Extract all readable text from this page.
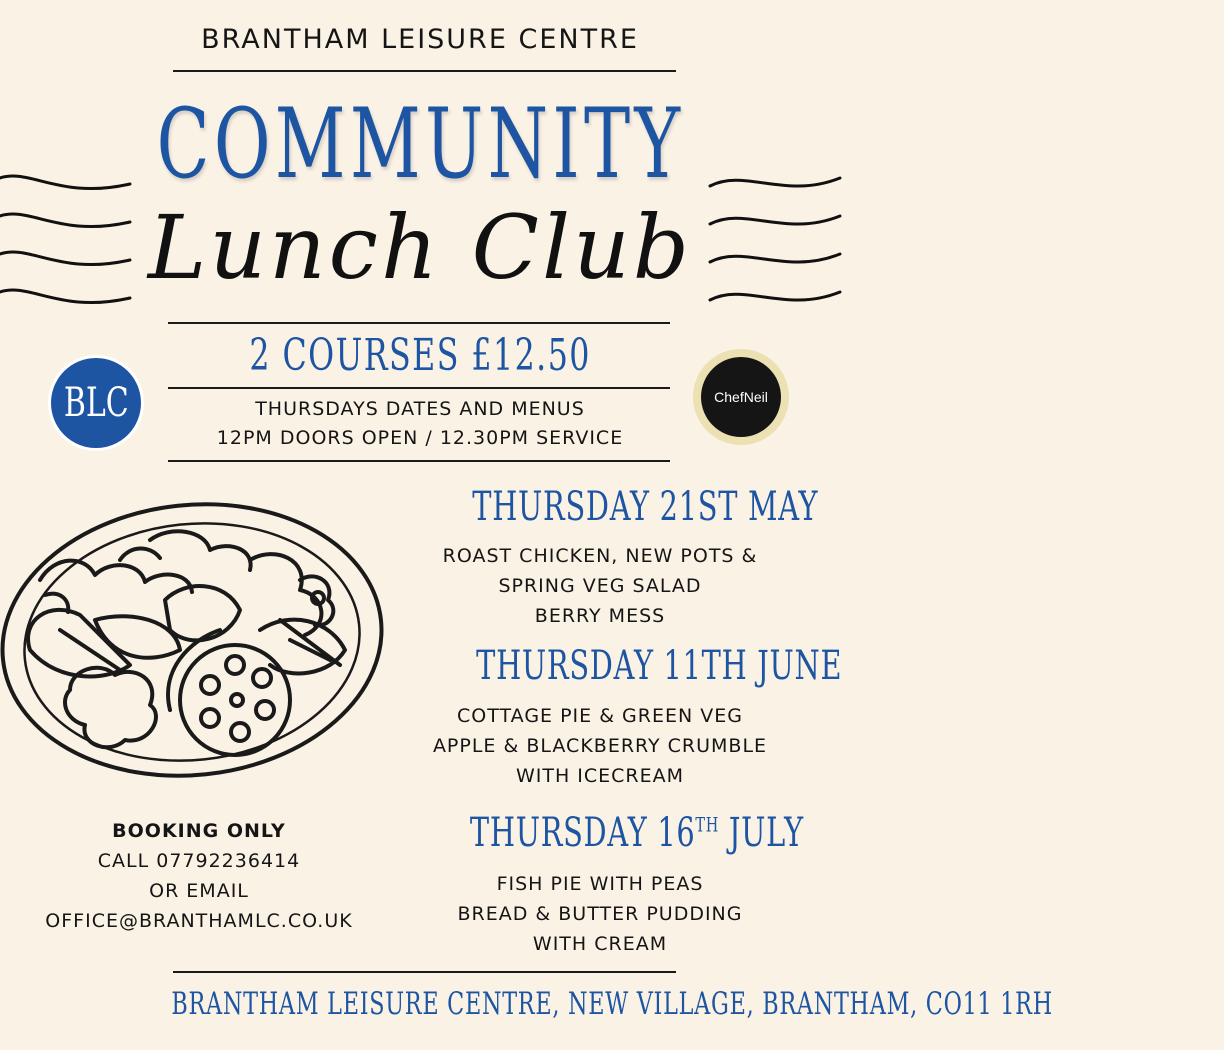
BRANTHAM LEISURE CENTRE
COMMUNITY
Lunch Club
2 COURSES £12.50
THURSDAYS DATES AND MENUS
12PM DOORS OPEN / 12.30PM SERVICE
BLC	ChefNeil
THURSDAY 21ST MAY
ROAST CHICKEN, NEW POTS &
SPRING VEG SALAD
BERRY MESS
THURSDAY 11TH JUNE
COTTAGE PIE & GREEN VEG
APPLE & BLACKBERRY CRUMBLE
WITH ICECREAM
THURSDAY 16TH JULY
FISH PIE WITH PEAS
BREAD & BUTTER PUDDING
WITH CREAM
BOOKING ONLY
CALL 07792236414
OR EMAIL
OFFICE@BRANTHAMLC.CO.UK
BRANTHAM LEISURE CENTRE, NEW VILLAGE, BRANTHAM, CO11 1RH
